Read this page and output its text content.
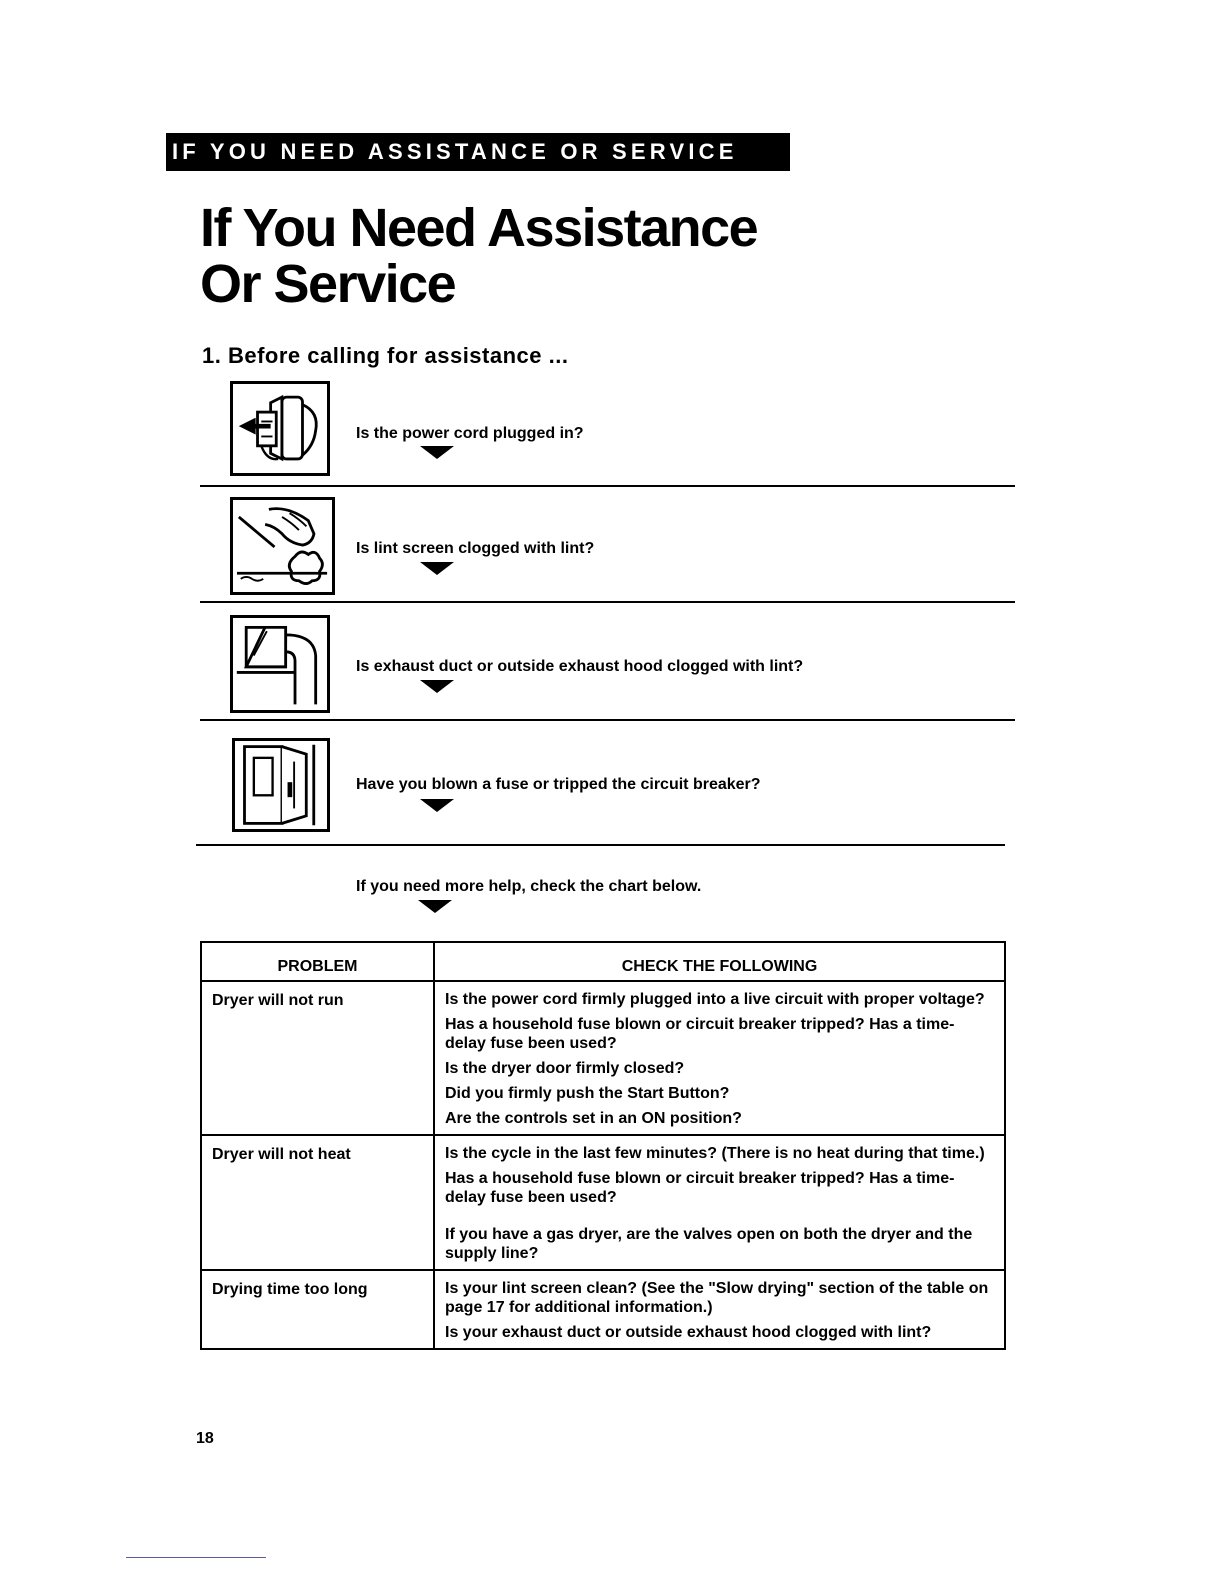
IF YOU NEED ASSISTANCE OR SERVICE
If You Need Assistance
Or Service
1. Before calling for assistance ...
Is the power cord plugged in?
Is lint screen clogged with lint?
Is exhaust duct or outside exhaust hood clogged with lint?
Have you blown a fuse or tripped the circuit breaker?
If you need more help, check the chart below.
PROBLEM	CHECK THE FOLLOWING
Dryer will not run	Is the power cord firmly plugged into a live circuit with proper voltage?

Has a household fuse blown or circuit breaker tripped? Has a time-delay fuse been used?

Is the dryer door firmly closed?

Did you firmly push the Start Button?

Are the controls set in an ON position?

Dryer will not heat	Is the cycle in the last few minutes? (There is no heat during that time.)

Has a household fuse blown or circuit breaker tripped? Has a time-delay fuse been used?

If you have a gas dryer, are the valves open on both the dryer and the supply line?

Drying time too long	Is your lint screen clean? (See the "Slow drying" section of the table on page 17 for additional information.)

Is your exhaust duct or outside exhaust hood clogged with lint?

18
